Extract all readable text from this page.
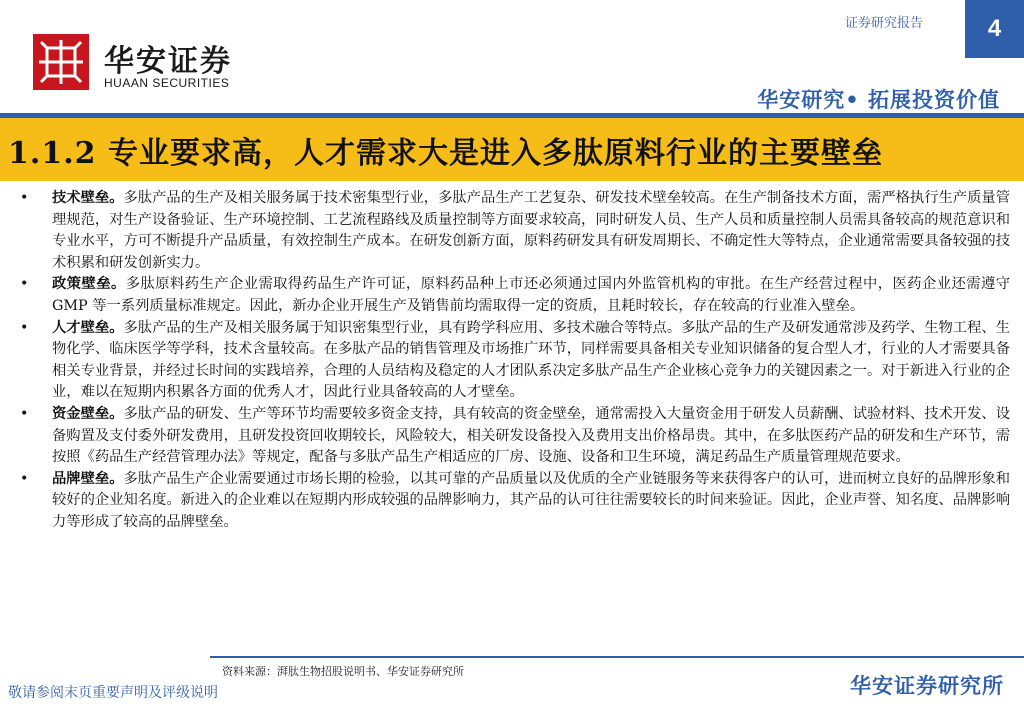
华安证券
HUAAN SECURITIES
证券研究报告	4
华安研究• 拓展投资价值
1.1.2 专业要求高，人才需求大是进入多肽原料行业的主要壁垒
• 技术壁垒。多肽产品的生产及相关服务属于技术密集型行业，多肽产品生产工艺复杂、研发技术壁垒较高。在生产制备技术方面，需严格执行生产质量管理规范，对生产设备验证、生产环境控制、工艺流程路线及质量控制等方面要求较高，同时研发人员、生产人员和质量控制人员需具备较高的规范意识和专业水平，方可不断提升产品质量，有效控制生产成本。在研发创新方面，原料药研发具有研发周期长、不确定性大等特点，企业通常需要具备较强的技术积累和研发创新实力。
• 政策壁垒。多肽原料药生产企业需取得药品生产许可证，原料药品种上市还必须通过国内外监管机构的审批。在生产经营过程中，医药企业还需遵守GMP 等一系列质量标准规定。因此，新办企业开展生产及销售前均需取得一定的资质，且耗时较长，存在较高的行业准入壁垒。
• 人才壁垒。多肽产品的生产及相关服务属于知识密集型行业，具有跨学科应用、多技术融合等特点。多肽产品的生产及研发通常涉及药学、生物工程、生物化学、临床医学等学科，技术含量较高。在多肽产品的销售管理及市场推广环节，同样需要具备相关专业知识储备的复合型人才，行业的人才需要具备相关专业背景，并经过长时间的实践培养，合理的人员结构及稳定的人才团队系决定多肽产品生产企业核心竞争力的关键因素之一。对于新进入行业的企业，难以在短期内积累各方面的优秀人才，因此行业具备较高的人才壁垒。
• 资金壁垒。多肽产品的研发、生产等环节均需要较多资金支持，具有较高的资金壁垒，通常需投入大量资金用于研发人员薪酬、试验材料、技术开发、设备购置及支付委外研发费用，且研发投资回收期较长，风险较大，相关研发设备投入及费用支出价格昂贵。其中，在多肽医药产品的研发和生产环节，需按照《药品生产经营管理办法》等规定，配备与多肽产品生产相适应的厂房、设施、设备和卫生环境，满足药品生产质量管理规范要求。
• 品牌壁垒。多肽产品生产企业需要通过市场长期的检验，以其可靠的产品质量以及优质的全产业链服务等来获得客户的认可，进而树立良好的品牌形象和较好的企业知名度。新进入的企业难以在短期内形成较强的品牌影响力，其产品的认可往往需要较长的时间来验证。因此，企业声誉、知名度、品牌影响力等形成了较高的品牌壁垒。
资料来源：湃肽生物招股说明书、华安证券研究所
敬请参阅末页重要声明及评级说明	华安证券研究所
